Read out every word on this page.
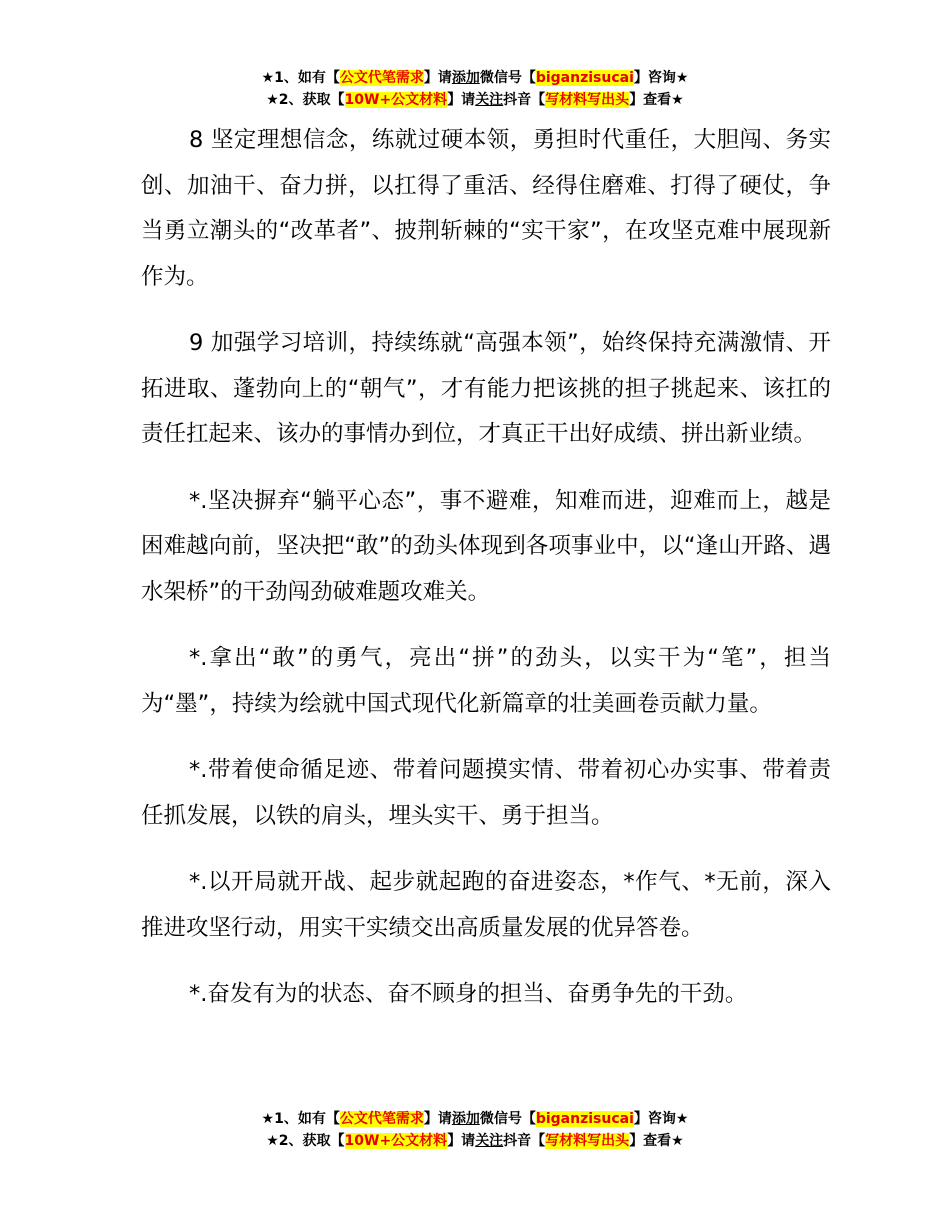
★1、如有【公文代笔需求】请添加微信号【biganzisucai】咨询★
★2、获取【10W+公文材料】请关注抖音【写材料写出头】查看★

8 坚定理想信念，练就过硬本领，勇担时代重任，大胆闯、务实创、加油干、奋力拼，以扛得了重活、经得住磨难、打得了硬仗，争当勇立潮头的“改革者”、披荆斩棘的“实干家”，在攻坚克难中展现新作为。

9 加强学习培训，持续练就“高强本领”，始终保持充满激情、开拓进取、蓬勃向上的“朝气”，才有能力把该挑的担子挑起来、该扛的责任扛起来、该办的事情办到位，才真正干出好成绩、拼出新业绩。

*.坚决摒弃“躺平心态”，事不避难，知难而进，迎难而上，越是困难越向前，坚决把“敢”的劲头体现到各项事业中，以“逢山开路、遇水架桥”的干劲闯劲破难题攻难关。

*.拿出“敢”的勇气，亮出“拼”的劲头，以实干为“笔”，担当为“墨”，持续为绘就中国式现代化新篇章的壮美画卷贡献力量。

*.带着使命循足迹、带着问题摸实情、带着初心办实事、带着责任抓发展，以铁的肩头，埋头实干、勇于担当。

*.以开局就开战、起步就起跑的奋进姿态，*作气、*无前，深入推进攻坚行动，用实干实绩交出高质量发展的优异答卷。

*.奋发有为的状态、奋不顾身的担当、奋勇争先的干劲。

★1、如有【公文代笔需求】请添加微信号【biganzisucai】咨询★
★2、获取【10W+公文材料】请关注抖音【写材料写出头】查看★
